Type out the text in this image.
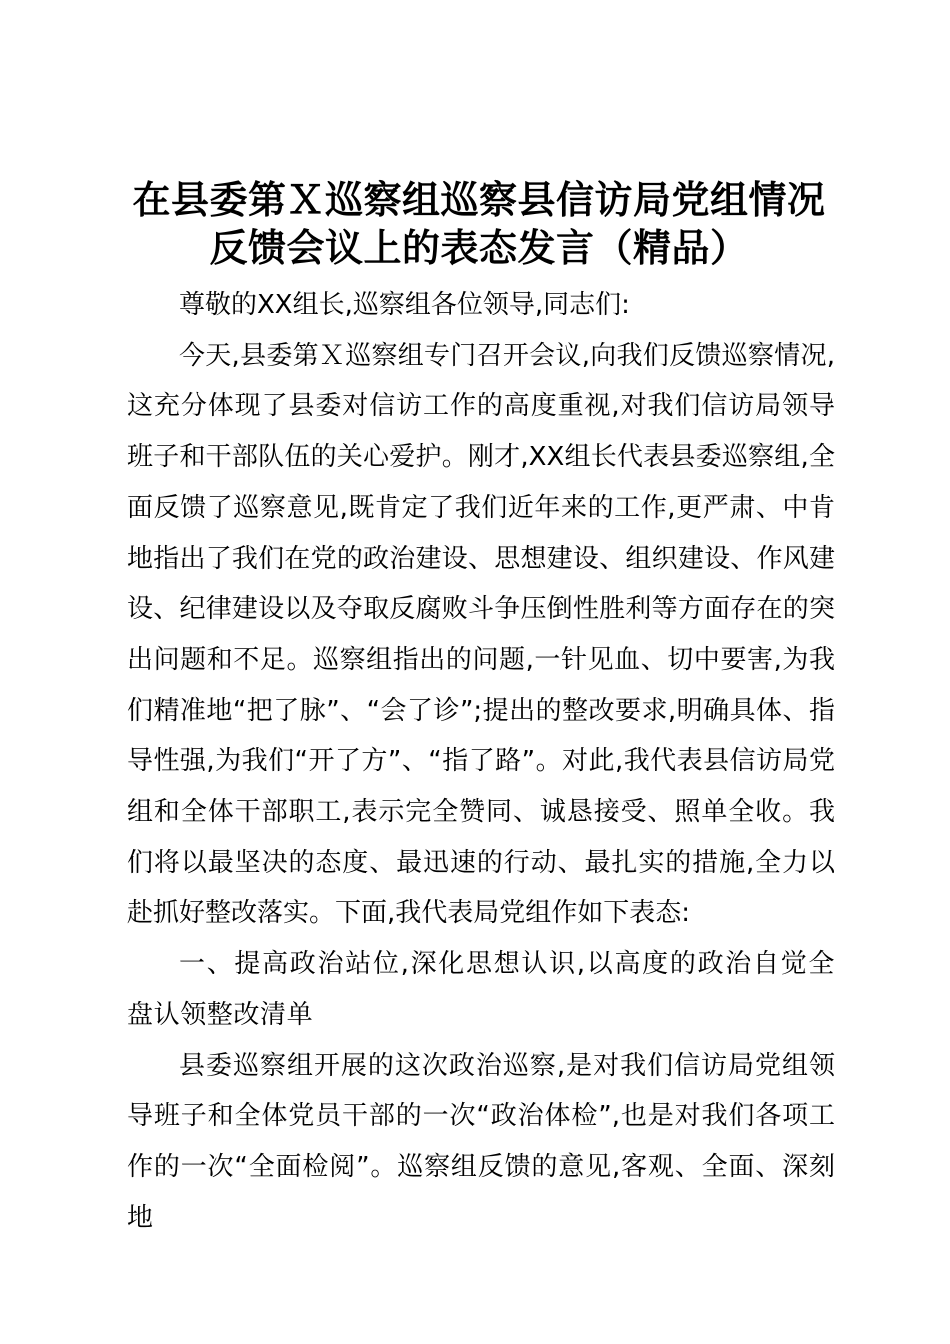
在县委第Ｘ巡察组巡察县信访局党组情况反馈会议上的表态发言（精品）

尊敬的XX组长,巡察组各位领导,同志们:

今天,县委第Ｘ巡察组专门召开会议,向我们反馈巡察情况,这充分体现了县委对信访工作的高度重视,对我们信访局领导班子和干部队伍的关心爱护。刚才,XX组长代表县委巡察组,全面反馈了巡察意见,既肯定了我们近年来的工作,更严肃、中肯地指出了我们在党的政治建设、思想建设、组织建设、作风建设、纪律建设以及夺取反腐败斗争压倒性胜利等方面存在的突出问题和不足。巡察组指出的问题,一针见血、切中要害,为我们精准地“把了脉”、“会了诊”;提出的整改要求,明确具体、指导性强,为我们“开了方”、“指了路”。对此,我代表县信访局党组和全体干部职工,表示完全赞同、诚恳接受、照单全收。我们将以最坚决的态度、最迅速的行动、最扎实的措施,全力以赴抓好整改落实。下面,我代表局党组作如下表态:

一、提高政治站位,深化思想认识,以高度的政治自觉全盘认领整改清单

县委巡察组开展的这次政治巡察,是对我们信访局党组领导班子和全体党员干部的一次“政治体检”,也是对我们各项工作的一次“全面检阅”。巡察组反馈的意见,客观、全面、深刻地
